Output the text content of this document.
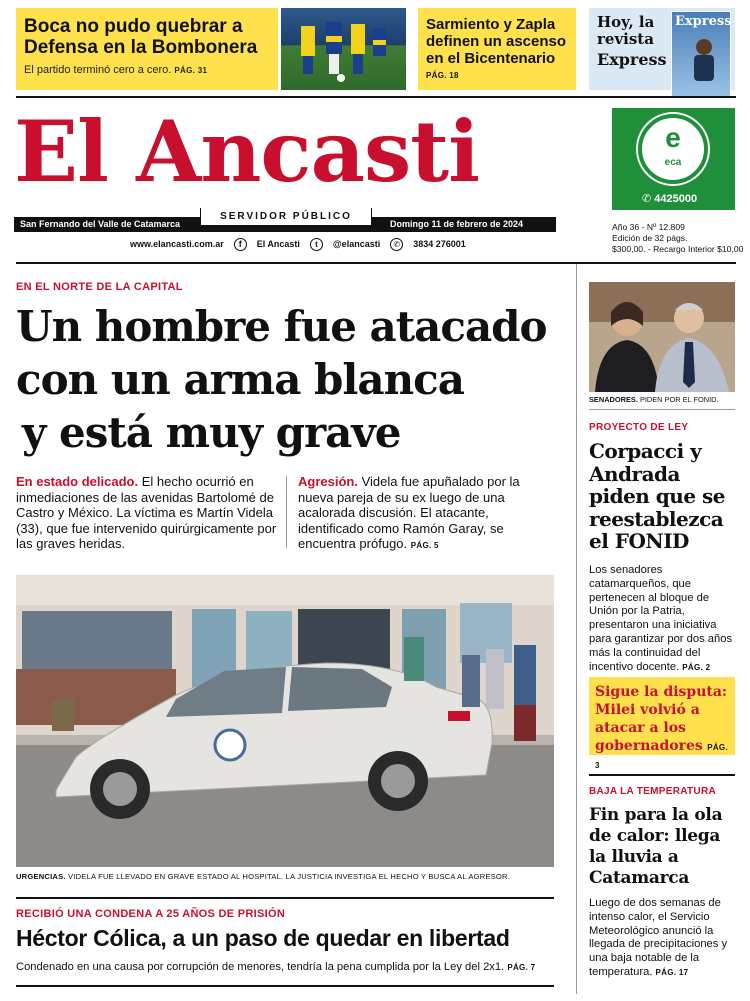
Boca no pudo quebrar a Defensa en la Bombonera
El partido terminó cero a cero. PÁG. 31
Sarmiento y Zapla definen un ascenso en el Bicentenario
PÁG. 18
Hoy, la revista
Express
Express
El Ancasti
San Fernando del Valle de Catamarca
SERVIDOR PÚBLICO
Domingo 11 de febrero de 2024
www.elancasti.com.ar	f	El Ancasti	t	@elancasti	✆	3834 276001
e
eca
✆ 4425000
Año 36 - Nº 12.809
Edición de 32 págs.
$300,00. - Recargo Interior $10,00
EN EL NORTE DE LA CAPITAL
Un hombre fue atacado
con un arma blanca
y está muy grave
En estado delicado. El hecho ocurrió en inmediaciones de las avenidas Bartolomé de Castro y México. La víctima es Martín Videla (33), que fue intervenido quirúrgicamente por las graves heridas.
Agresión. Videla fue apuñalado por la nueva pareja de su ex luego de una acalorada discusión. El atacante, identificado como Ramón Garay, se encuentra prófugo. PÁG. 5
URGENCIAS. VIDELA FUE LLEVADO EN GRAVE ESTADO AL HOSPITAL. LA JUSTICIA INVESTIGA EL HECHO Y BUSCA AL AGRESOR.
RECIBIÓ UNA CONDENA A 25 AÑOS DE PRISIÓN
Héctor Cólica, a un paso de quedar en libertad
Condenado en una causa por corrupción de menores, tendría la pena cumplida por la Ley del 2x1. PÁG. 7
SENADORES. PIDEN POR EL FONID.
PROYECTO DE LEY
Corpacci y Andrada piden que se reestablezca el FONID
Los senadores catamarqueños, que pertenecen al bloque de Unión por la Patria, presentaron una iniciativa para garantizar por dos años más la continuidad del incentivo docente. PÁG. 2
Sigue la disputa: Milei volvió a atacar a los gobernadores PÁG. 3
BAJA LA TEMPERATURA
Fin para la ola de calor: llega la lluvia a Catamarca
Luego de dos semanas de intenso calor, el Servicio Meteorológico anunció la llegada de precipitaciones y una baja notable de la temperatura. PÁG. 17
